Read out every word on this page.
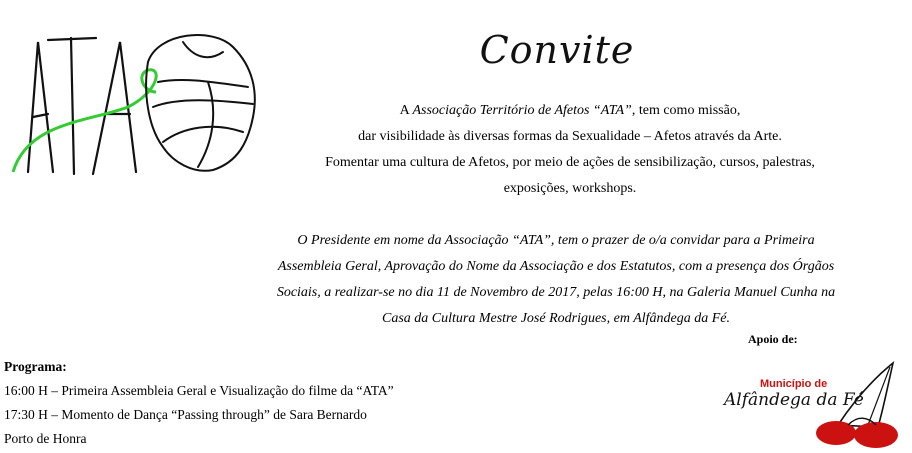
Convite

A Associação Território de Afetos “ATA”, tem como missão,

dar visibilidade às diversas formas da Sexualidade – Afetos através da Arte.

Fomentar uma cultura de Afetos, por meio de ações de sensibilização, cursos, palestras,

exposições, workshops.

O Presidente em nome da Associação “ATA”, tem o prazer de o/a convidar para a Primeira

Assembleia Geral, Aprovação do Nome da Associação e dos Estatutos, com a presença dos Órgãos

Sociais, a realizar-se no dia 11 de Novembro de 2017, pelas 16:00 H, na Galeria Manuel Cunha na

Casa da Cultura Mestre José Rodrigues, em Alfândega da Fé.

Apoio de:

Programa:

16:00 H – Primeira Assembleia Geral e Visualização do filme da “ATA”

17:30 H – Momento de Dança “Passing through” de Sara Bernardo

Porto de Honra

Município de
Alfândega da Fé
